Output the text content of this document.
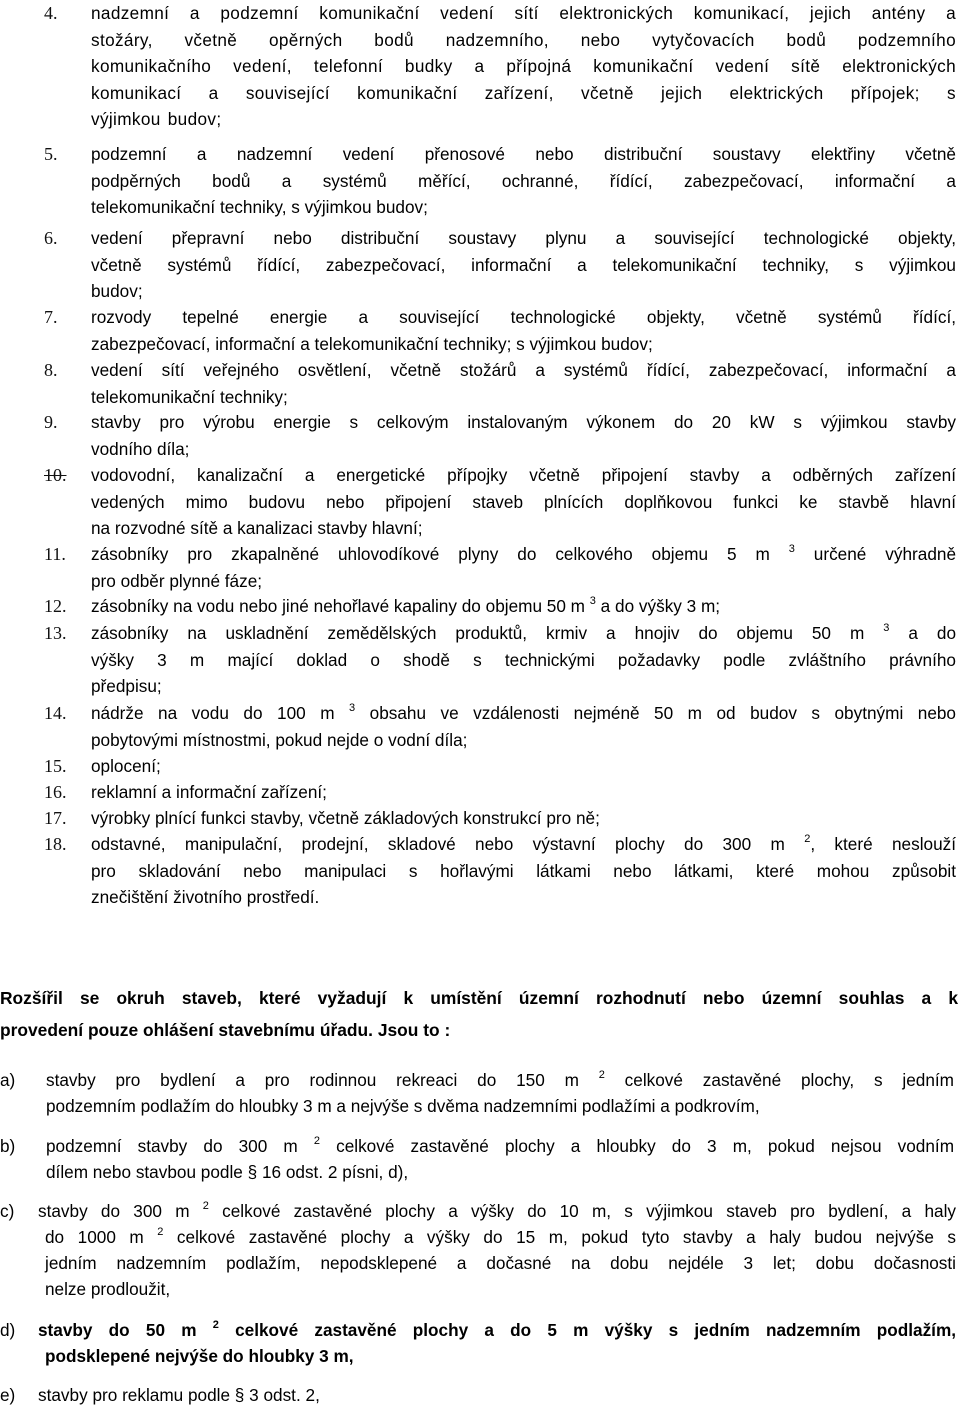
4. nadzemní a podzemní komunikační vedení sítí elektronických komunikací, jejich antény a
stožáry, včetně opěrných bodů nadzemního, nebo vytyčovacích bodů podzemního
komunikačního vedení, telefonní budky a přípojná komunikační vedení sítě elektronických
komunikací a související komunikační zařízení, včetně jejich elektrických přípojek; s
výjimkou budov;
5. podzemní a nadzemní vedení přenosové nebo distribuční soustavy elektřiny včetně
podpěrných bodů a systémů měřící, ochranné, řídící, zabezpečovací, informační a
telekomunikační techniky, s výjimkou budov;
6. vedení přepravní nebo distribuční soustavy plynu a související technologické objekty,
včetně systémů řídící, zabezpečovací, informační a telekomunikační techniky, s výjimkou
budov;
7. rozvody tepelné energie a související technologické objekty, včetně systémů řídící,
zabezpečovací, informační a telekomunikační techniky; s výjimkou budov;
8. vedení sítí veřejného osvětlení, včetně stožárů a systémů řídící, zabezpečovací, informační a
telekomunikační techniky;
9. stavby pro výrobu energie s celkovým instalovaným výkonem do 20 kW s výjimkou stavby
vodního díla;
10. vodovodní, kanalizační a energetické přípojky včetně připojení stavby a odběrných zařízení
vedených mimo budovu nebo připojení staveb plnících doplňkovou funkci ke stavbě hlavní
na rozvodné sítě a kanalizaci stavby hlavní;
11. zásobníky pro zkapalněné uhlovodíkové plyny do celkového objemu 5 m $^3$ určené výhradně
pro odběr plynné fáze;
12. zásobníky na vodu nebo jiné nehořlavé kapaliny do objemu 50 m $^3$ a do výšky 3 m;
13. zásobníky na uskladnění zemědělských produktů, krmiv a hnojiv do objemu 50 m $^3$ a do
výšky 3 m mající doklad o shodě s technickými požadavky podle zvláštního právního
předpisu;
14. nádrže na vodu do 100 m $^3$ obsahu ve vzdálenosti nejméně 50 m od budov s obytnými nebo
pobytovými místnostmi, pokud nejde o vodní díla;
15. oplocení;
16. reklamní a informační zařízení;
17. výrobky plnící funkci stavby, včetně základových konstrukcí pro ně;
18. odstavné, manipulační, prodejní, skladové nebo výstavní plochy do 300 m $^2$, které neslouží
pro skladování nebo manipulaci s hořlavými látkami nebo látkami, které mohou způsobit
znečištění životního prostředí.
Rozšířil se okruh staveb, které vyžadují k umístění územní rozhodnutí nebo územní souhlas a k
provedení pouze ohlášení stavebnímu úřadu. Jsou to :
a) stavby pro bydlení a pro rodinnou rekreaci do 150 m $^2$ celkové zastavěné plochy, s jedním
podzemním podlažím do hloubky 3 m a nejvýše s dvěma nadzemními podlažími a podkrovím,
b) podzemní stavby do 300 m $^2$ celkové zastavěné plochy a hloubky do 3 m, pokud nejsou vodním
dílem nebo stavbou podle § 16 odst. 2 písni, d),
c) stavby do 300 m $^2$ celkové zastavěné plochy a výšky do 10 m, s výjimkou staveb pro bydlení, a haly
do 1000 m $^2$ celkové zastavěné plochy a výšky do 15 m, pokud tyto stavby a haly budou nejvýše s
jedním nadzemním podlažím, nepodsklepené a dočasné na dobu nejdéle 3 let; dobu dočasnosti
nelze prodloužit,
d) stavby do 50 m $^2$ celkové zastavěné plochy a do 5 m výšky s jedním nadzemním podlažím,
podsklepené nejvýše do hloubky 3 m,
e) stavby pro reklamu podle § 3 odst. 2,
